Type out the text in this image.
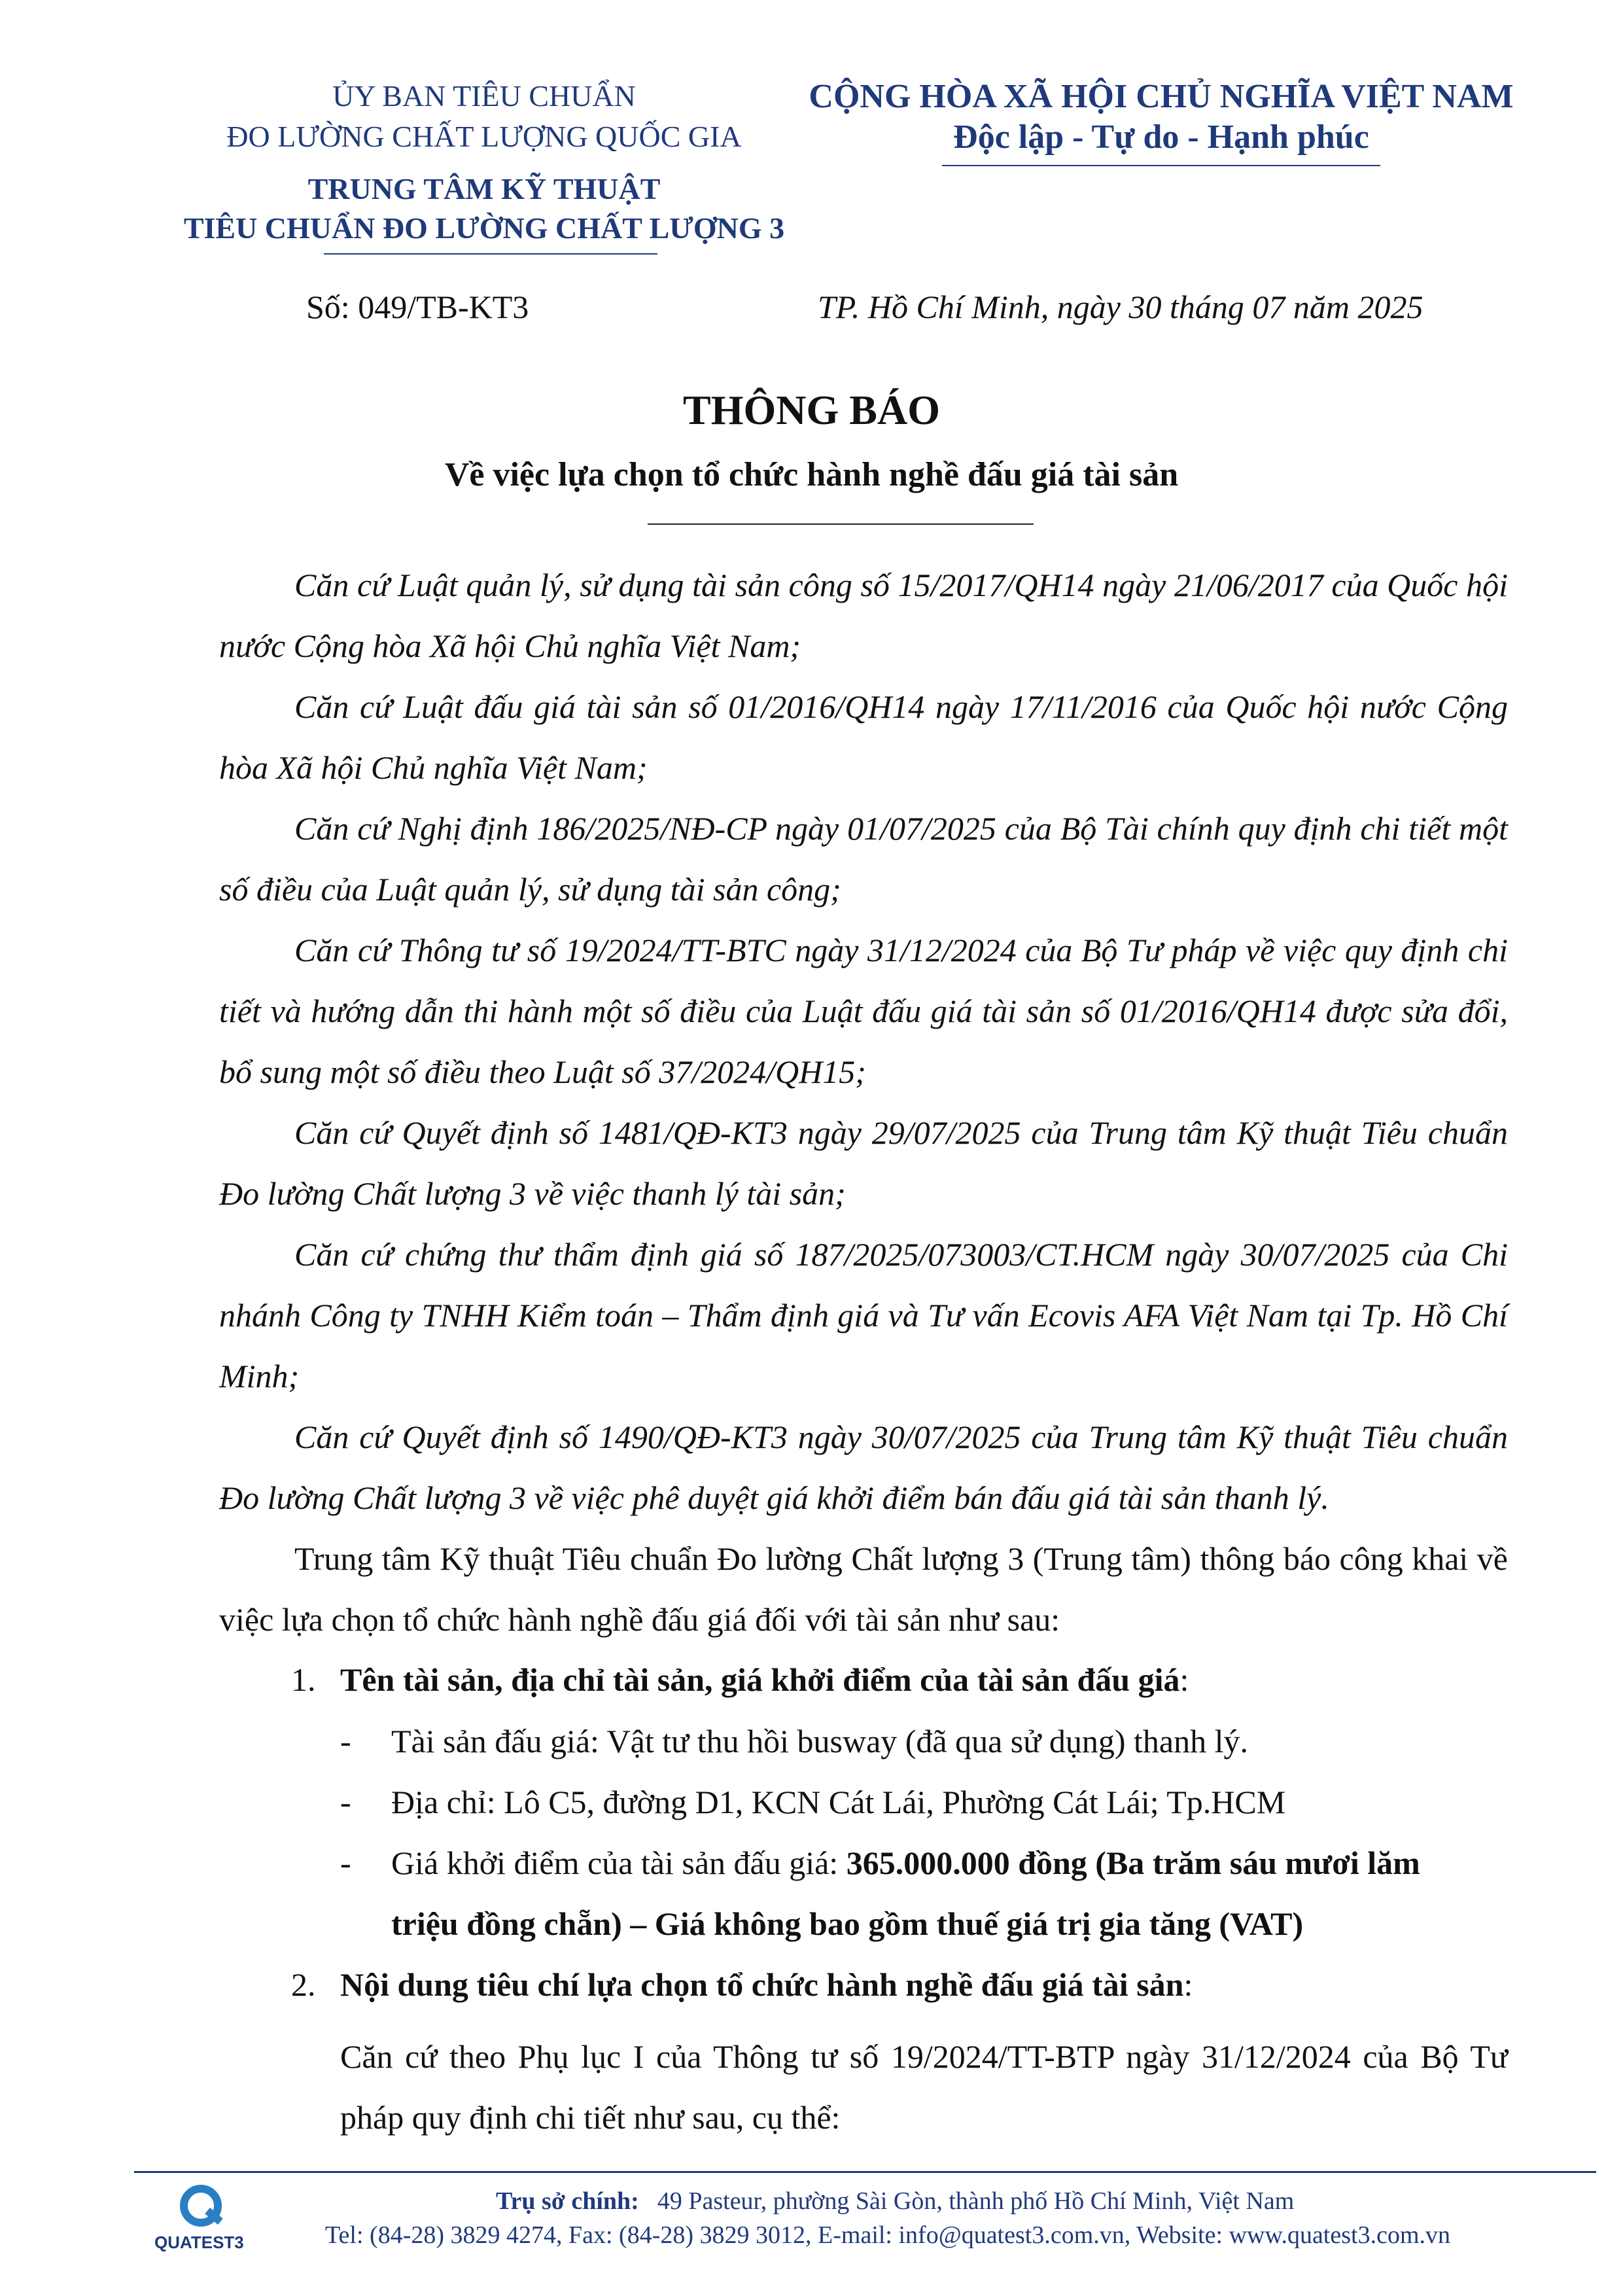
ỦY BAN TIÊU CHUẨN
ĐO LƯỜNG CHẤT LƯỢNG QUỐC GIA
TRUNG TÂM KỸ THUẬT
TIÊU CHUẨN ĐO LƯỜNG CHẤT LƯỢNG 3
CỘNG HÒA XÃ HỘI CHỦ NGHĨA VIỆT NAM
Độc lập - Tự do - Hạnh phúc
Số: 049/TB-KT3	TP. Hồ Chí Minh, ngày 30 tháng 07 năm 2025
THÔNG BÁO
Về việc lựa chọn tổ chức hành nghề đấu giá tài sản
Căn cứ Luật quản lý, sử dụng tài sản công số 15/2017/QH14 ngày 21/06/2017 của Quốc hội nước Cộng hòa Xã hội Chủ nghĩa Việt Nam;
Căn cứ Luật đấu giá tài sản số 01/2016/QH14 ngày 17/11/2016 của Quốc hội nước Cộng hòa Xã hội Chủ nghĩa Việt Nam;
Căn cứ Nghị định 186/2025/NĐ-CP ngày 01/07/2025 của Bộ Tài chính quy định chi tiết một số điều của Luật quản lý, sử dụng tài sản công;
Căn cứ Thông tư số 19/2024/TT-BTC ngày 31/12/2024 của Bộ Tư pháp về việc quy định chi tiết và hướng dẫn thi hành một số điều của Luật đấu giá tài sản số 01/2016/QH14 được sửa đổi, bổ sung một số điều theo Luật số 37/2024/QH15;
Căn cứ Quyết định số 1481/QĐ-KT3 ngày 29/07/2025 của Trung tâm Kỹ thuật Tiêu chuẩn Đo lường Chất lượng 3 về việc thanh lý tài sản;
Căn cứ chứng thư thẩm định giá số 187/2025/073003/CT.HCM ngày 30/07/2025 của Chi nhánh Công ty TNHH Kiểm toán – Thẩm định giá và Tư vấn Ecovis AFA Việt Nam tại Tp. Hồ Chí Minh;
Căn cứ Quyết định số 1490/QĐ-KT3 ngày 30/07/2025 của Trung tâm Kỹ thuật Tiêu chuẩn Đo lường Chất lượng 3 về việc phê duyệt giá khởi điểm bán đấu giá tài sản thanh lý.
Trung tâm Kỹ thuật Tiêu chuẩn Đo lường Chất lượng 3 (Trung tâm) thông báo công khai về việc lựa chọn tổ chức hành nghề đấu giá đối với tài sản như sau:
1. Tên tài sản, địa chỉ tài sản, giá khởi điểm của tài sản đấu giá:
- Tài sản đấu giá: Vật tư thu hồi busway (đã qua sử dụng) thanh lý.
- Địa chỉ: Lô C5, đường D1, KCN Cát Lái, Phường Cát Lái; Tp.HCM
- Giá khởi điểm của tài sản đấu giá: 365.000.000 đồng (Ba trăm sáu mươi lăm
triệu đồng chẵn) – Giá không bao gồm thuế giá trị gia tăng (VAT)
2. Nội dung tiêu chí lựa chọn tổ chức hành nghề đấu giá tài sản:
Căn cứ theo Phụ lục I của Thông tư số 19/2024/TT-BTP ngày 31/12/2024 của Bộ Tư pháp quy định chi tiết như sau, cụ thể:
QUATEST3
Trụ sở chính: 49 Pasteur, phường Sài Gòn, thành phố Hồ Chí Minh, Việt Nam
Tel: (84-28) 3829 4274, Fax: (84-28) 3829 3012, E-mail: info@quatest3.com.vn, Website: www.quatest3.com.vn
